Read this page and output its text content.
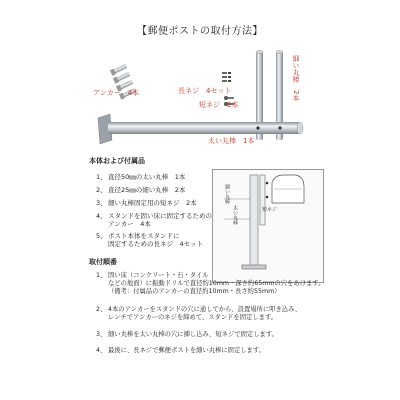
【郵便ポストの取付方法】
アンカー　4本	長ネジ　4セット
短ネジ　2本
細い丸棒　2本
太い丸棒　1本
本体および付属品
1、直径50㎜の太い丸棒　1本
2、直径25㎜の細い丸棒　2本
3、細い丸棒固定用の短ネジ　2本
4、スタンドを固い床に固定するための
アンカー　4本
5、ポスト本体をスタンドに
固定するための長ネジ　4セット
細い丸棒
太い丸棒	短ネジ
取付順番
1、 固い床（コンクリート・石・タイル
などの地面）に振動ドリルで直径約10mm・深さ約65mmの穴をあけます。
（備考：付属品のアンカーの直径約10mm・長さ約55mm）
2、 4本のアンカーをスタンドの穴に通してから、設置場所に叩き込み、
レンチでアンカーのネジを締めて、スタンドを固定します。
3、 細い丸棒を太い丸棒の穴に挿し込み、短ネジで固定します。
4、 最後に、長ネジで郵便ポストを細い丸棒に固定します。
